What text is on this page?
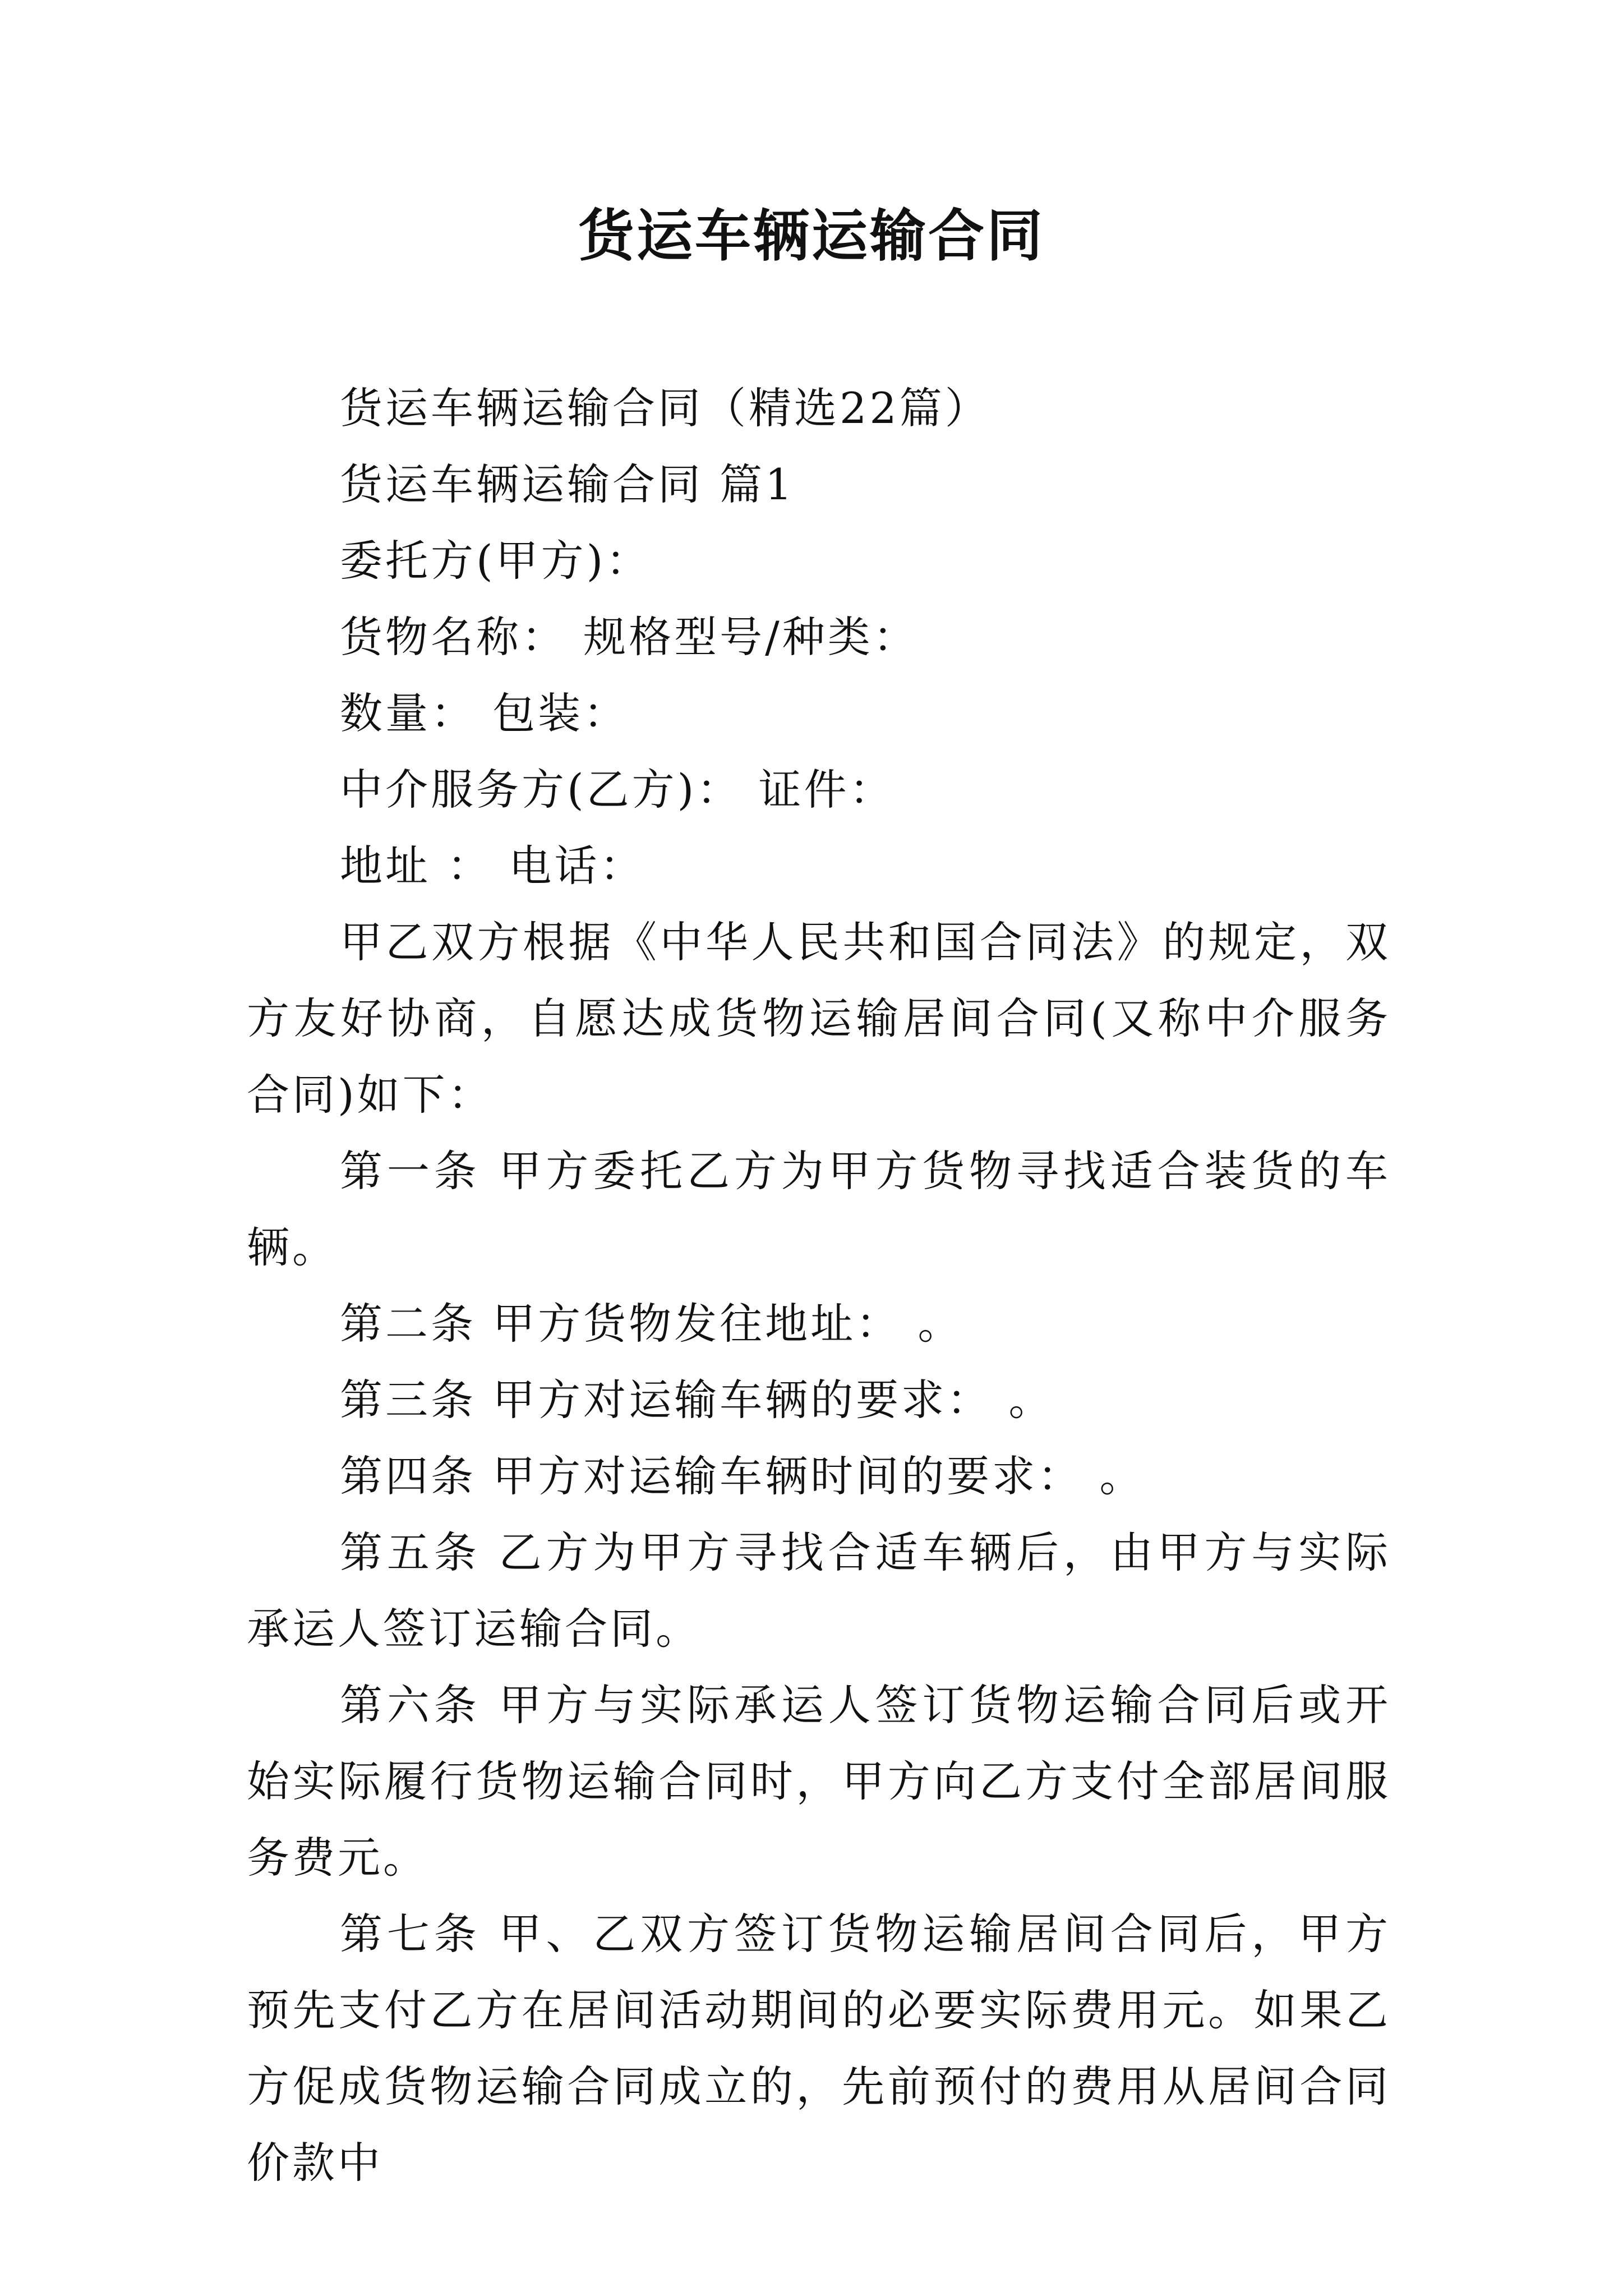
货运车辆运输合同

货运车辆运输合同（精选22篇）

货运车辆运输合同 篇1

委托方(甲方)：

货物名称： 规格型号/种类：

数量： 包装：

中介服务方(乙方)： 证件：

地址 ： 电话：

甲乙双方根据《中华人民共和国合同法》的规定，双方友好协商，自愿达成货物运输居间合同(又称中介服务合同)如下：

第一条 甲方委托乙方为甲方货物寻找适合装货的车辆。

第二条 甲方货物发往地址： 。

第三条 甲方对运输车辆的要求： 。

第四条 甲方对运输车辆时间的要求： 。

第五条 乙方为甲方寻找合适车辆后，由甲方与实际承运人签订运输合同。

第六条 甲方与实际承运人签订货物运输合同后或开始实际履行货物运输合同时，甲方向乙方支付全部居间服务费元。

第七条 甲、乙双方签订货物运输居间合同后，甲方预先支付乙方在居间活动期间的必要实际费用元。如果乙方促成货物运输合同成立的，先前预付的费用从居间合同价款中
